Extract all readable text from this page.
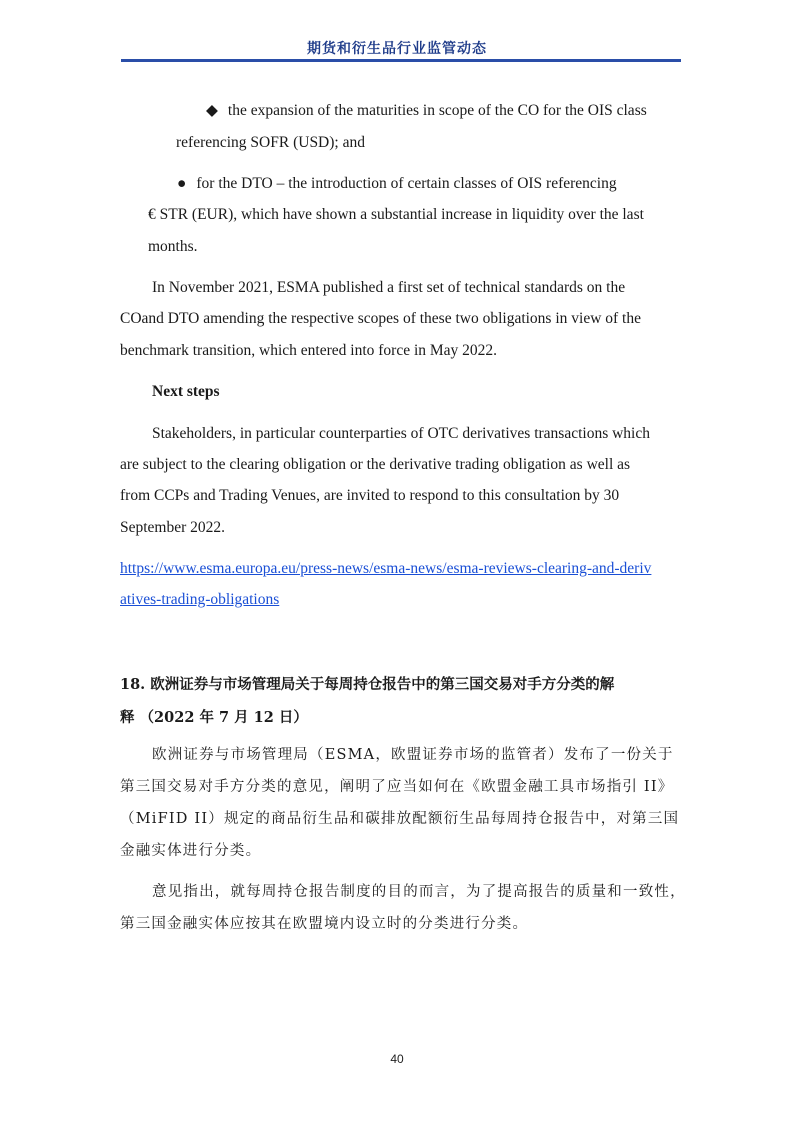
期货和衍生品行业监管动态
◆ the expansion of the maturities in scope of the CO for the OIS class
referencing SOFR (USD); and
● for the DTO – the introduction of certain classes of OIS referencing
€ STR (EUR), which have shown a substantial increase in liquidity over the last
months.
In November 2021, ESMA published a first set of technical standards on the
COand DTO amending the respective scopes of these two obligations in view of the
benchmark transition, which entered into force in May 2022.
Next steps
Stakeholders, in particular counterparties of OTC derivatives transactions which
are subject to the clearing obligation or the derivative trading obligation as well as
from CCPs and Trading Venues, are invited to respond to this consultation by 30
September 2022.
https://www.esma.europa.eu/press-news/esma-news/esma-reviews-clearing-and-deriv
atives-trading-obligations
18. 欧洲证券与市场管理局关于每周持仓报告中的第三国交易对手方分类的解
释 （2022 年 7 月 12 日）
欧洲证券与市场管理局（ESMA，欧盟证券市场的监管者）发布了一份关于
第三国交易对手方分类的意见，阐明了应当如何在《欧盟金融工具市场指引 II》
（MiFID II）规定的商品衍生品和碳排放配额衍生品每周持仓报告中，对第三国
金融实体进行分类。
意见指出，就每周持仓报告制度的目的而言，为了提高报告的质量和一致性，
第三国金融实体应按其在欧盟境内设立时的分类进行分类。
40
